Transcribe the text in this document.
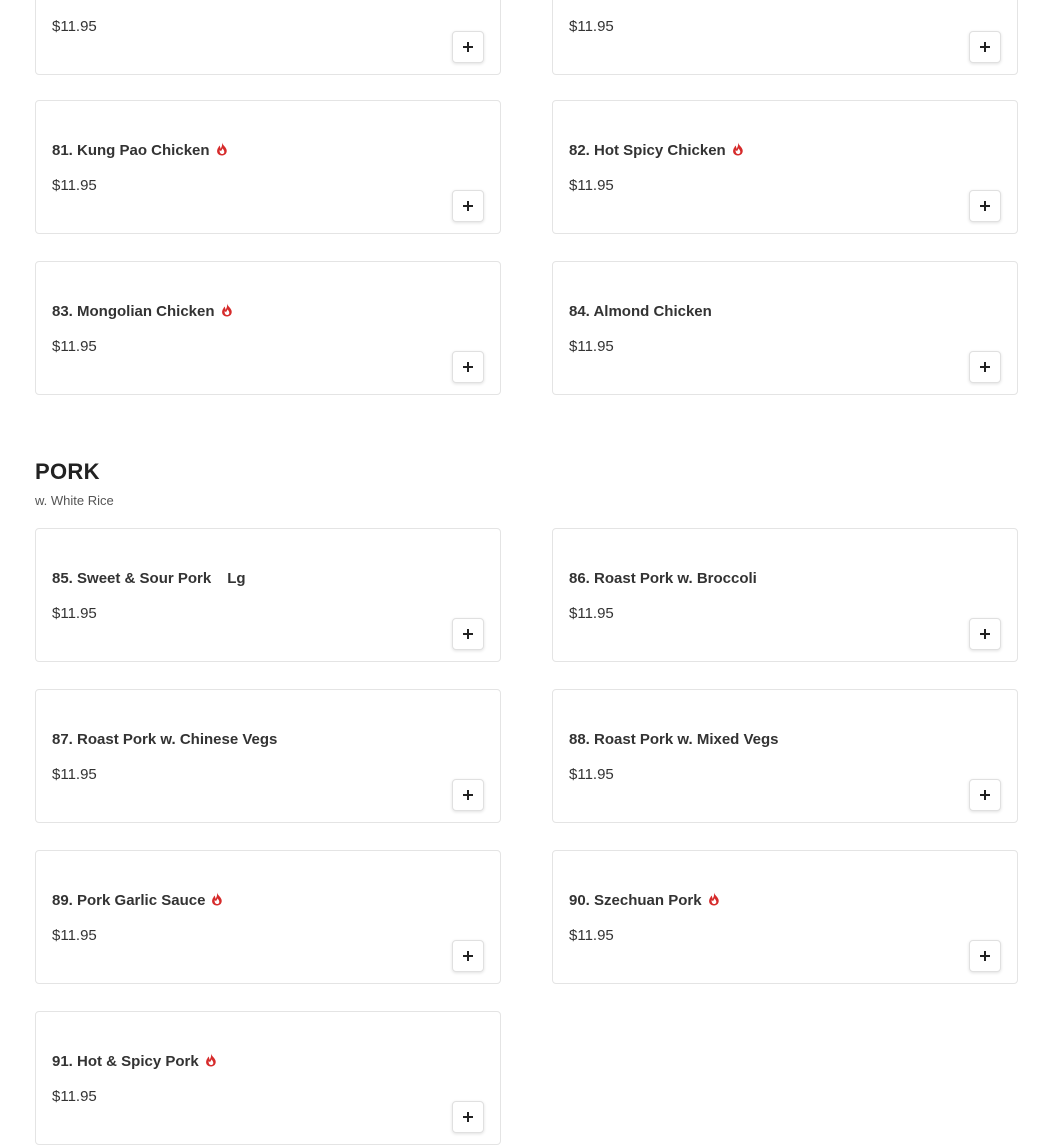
$11.95	$11.95
81. Kung Pao Chicken
$11.95
82. Hot Spicy Chicken
$11.95
83. Mongolian Chicken
$11.95
84. Almond Chicken
$11.95
PORK

w. White Rice

85. Sweet & Sour Pork Lg
$11.95
86. Roast Pork w. Broccoli
$11.95
87. Roast Pork w. Chinese Vegs
$11.95
88. Roast Pork w. Mixed Vegs
$11.95
89. Pork Garlic Sauce
$11.95
90. Szechuan Pork
$11.95
91. Hot & Spicy Pork
$11.95
